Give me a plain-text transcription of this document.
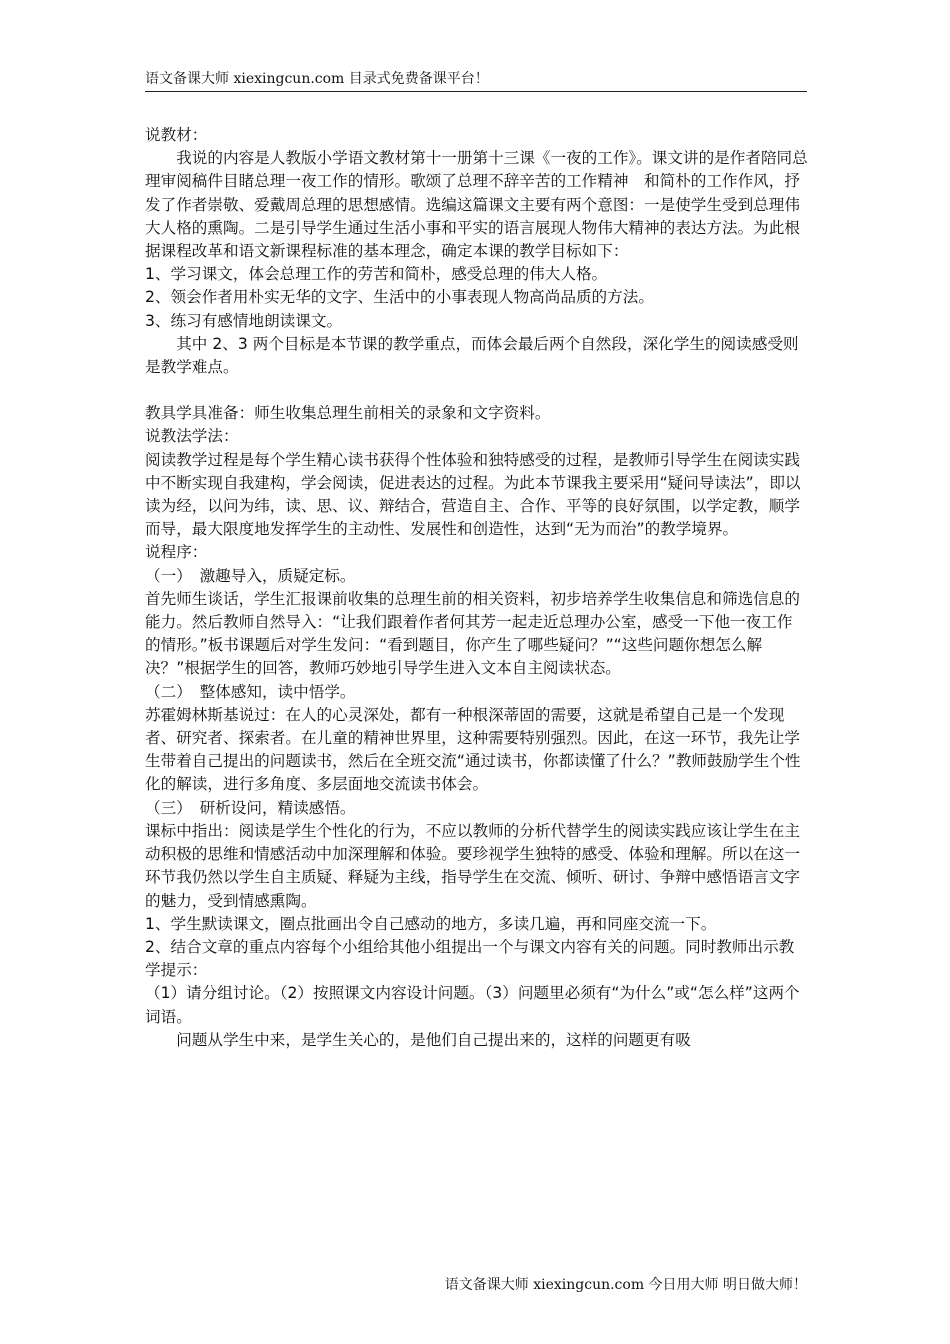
语文备课大师 xiexingcun.com 目录式免费备课平台！

说教材：

我说的内容是人教版小学语文教材第十一册第十三课《一夜的工作》。课文讲的是作者陪同总理审阅稿件目睹总理一夜工作的情形。歌颂了总理不辞辛苦的工作精神　和简朴的工作作风，抒发了作者崇敬、爱戴周总理的思想感情。选编这篇课文主要有两个意图：一是使学生受到总理伟大人格的熏陶。二是引导学生通过生活小事和平实的语言展现人物伟大精神的表达方法。为此根据课程改革和语文新课程标准的基本理念，确定本课的教学目标如下：

1、学习课文，体会总理工作的劳苦和简朴，感受总理的伟大人格。

2、领会作者用朴实无华的文字、生活中的小事表现人物高尚品质的方法。

3、练习有感情地朗读课文。

其中 2、3 两个目标是本节课的教学重点，而体会最后两个自然段，深化学生的阅读感受则是教学难点。

教具学具准备：师生收集总理生前相关的录象和文字资料。

说教法学法：

阅读教学过程是每个学生精心读书获得个性体验和独特感受的过程，是教师引导学生在阅读实践中不断实现自我建构，学会阅读，促进表达的过程。为此本节课我主要采用“疑问导读法”，即以读为经，以问为纬，读、思、议、辩结合，营造自主、合作、平等的良好氛围，以学定教，顺学而导，最大限度地发挥学生的主动性、发展性和创造性，达到“无为而治”的教学境界。

说程序：

（一）　激趣导入，质疑定标。

首先师生谈话，学生汇报课前收集的总理生前的相关资料，初步培养学生收集信息和筛选信息的能力。然后教师自然导入：“让我们跟着作者何其芳一起走近总理办公室，感受一下他一夜工作　的情形。”板书课题后对学生发问：“看到题目，你产生了哪些疑问？”“这些问题你想怎么解决？”根据学生的回答，教师巧妙地引导学生进入文本自主阅读状态。

（二）　整体感知，读中悟学。

苏霍姆林斯基说过：在人的心灵深处，都有一种根深蒂固的需要，这就是希望自己是一个发现者、研究者、探索者。在儿童的精神世界里，这种需要特别强烈。因此，在这一环节，我先让学生带着自己提出的问题读书，然后在全班交流“通过读书，你都读懂了什么？”教师鼓励学生个性化的解读，进行多角度、多层面地交流读书体会。

（三）　研析设问，精读感悟。

课标中指出：阅读是学生个性化的行为，不应以教师的分析代替学生的阅读实践应该让学生在主动积极的思维和情感活动中加深理解和体验。要珍视学生独特的感受、体验和理解。所以在这一环节我仍然以学生自主质疑、释疑为主线，指导学生在交流、倾听、研讨、争辩中感悟语言文字的魅力，受到情感熏陶。

1、学生默读课文，圈点批画出令自己感动的地方，多读几遍，再和同座交流一下。

2、结合文章的重点内容每个小组给其他小组提出一个与课文内容有关的问题。同时教师出示教学提示：

（1）请分组讨论。（2）按照课文内容设计问题。（3）问题里必须有“为什么”或“怎么样”这两个词语。

问题从学生中来，是学生关心的，是他们自己提出来的，这样的问题更有吸

语文备课大师 xiexingcun.com 今日用大师 明日做大师！
